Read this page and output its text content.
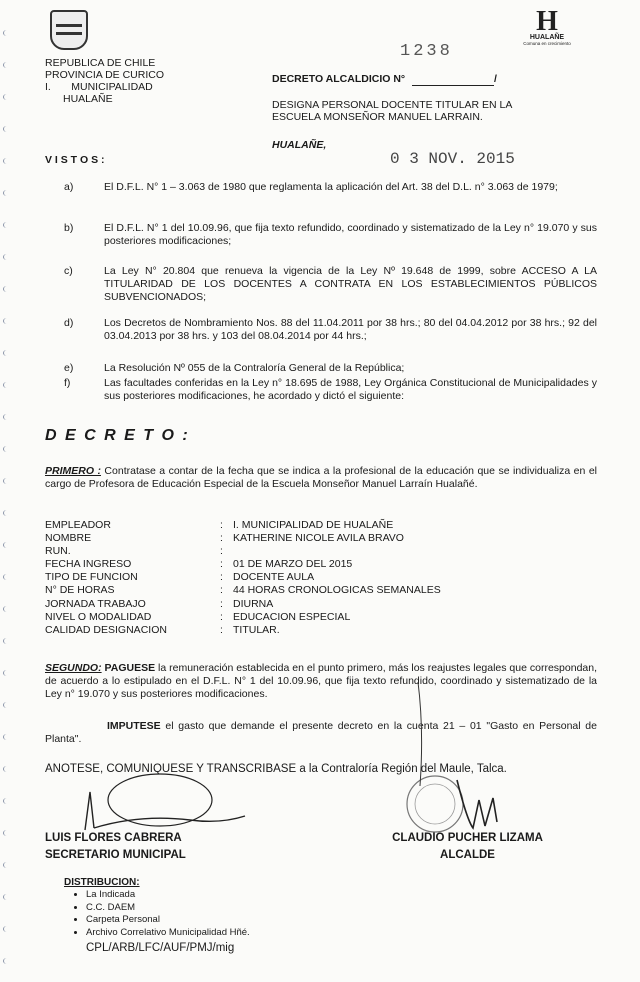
REPUBLICA DE CHILE
PROVINCIA DE CURICO
I.       MUNICIPALIDAD
HUALAÑE
H
HUALAÑE
Comuna en crecimiento
1238
DECRETO ALCALDICIO N°	/
DESIGNA PERSONAL DOCENTE TITULAR EN LA ESCUELA MONSEÑOR MANUEL LARRAIN.
HUALAÑE,
0 3 NOV. 2015
V I S T O S :
a)	El D.F.L. N° 1 – 3.063 de 1980 que reglamenta la aplicación del Art. 38 del D.L. n° 3.063 de 1979;
b)	El D.F.L. N° 1 del 10.09.96, que fija texto refundido, coordinado y sistematizado de la Ley n° 19.070 y sus posteriores modificaciones;
c)	La Ley N° 20.804 que renueva la vigencia de la Ley Nº 19.648 de 1999, sobre ACCESO A LA TITULARIDAD DE LOS DOCENTES A CONTRATA EN LOS ESTABLECIMIENTOS PÚBLICOS SUBVENCIONADOS;
d)	Los Decretos de Nombramiento Nos. 88 del 11.04.2011 por 38 hrs.; 80 del 04.04.2012 por 38 hrs.; 92 del 03.04.2013 por 38 hrs. y 103 del 08.04.2014 por 44 hrs.;
e)	La Resolución Nº 055 de la Contraloría General de la República;
f)	Las facultades conferidas en la Ley n° 18.695 de 1988, Ley Orgánica Constitucional de Municipalidades y sus posteriores modificaciones, he acordado y dictó el siguiente:
D E C R E T O :
PRIMERO : Contratase a contar de la fecha que se indica a la profesional de la educación que se individualiza en el cargo de Profesora de Educación Especial de la Escuela Monseñor Manuel Larraín Hualañé.
EMPLEADOR	: I. MUNICIPALIDAD DE HUALAÑE
NOMBRE	: KATHERINE NICOLE AVILA BRAVO
RUN.	:
FECHA INGRESO	: 01 DE MARZO DEL 2015
TIPO DE FUNCION	: DOCENTE AULA
N° DE HORAS	: 44 HORAS CRONOLOGICAS SEMANALES
JORNADA TRABAJO	: DIURNA
NIVEL O MODALIDAD	: EDUCACION ESPECIAL
CALIDAD DESIGNACION	: TITULAR.
SEGUNDO: PAGUESE la remuneración establecida en el punto primero, más los reajustes legales que correspondan, de acuerdo a lo estipulado en el D.F.L. N° 1 del 10.09.96, que fija texto refundido, coordinado y sistematizado de la Ley n° 19.070 y sus posteriores modificaciones.
IMPUTESE el gasto que demande el presente decreto en la cuenta 21 – 01 "Gasto en Personal de Planta".
ANOTESE, COMUNIQUESE Y TRANSCRIBASE a la Contraloría Región del Maule, Talca.
LUIS FLORES CABRERA
SECRETARIO MUNICIPAL
CLAUDIO PUCHER LIZAMA
ALCALDE
DISTRIBUCION:
• La Indicada
• C.C. DAEM
• Carpeta Personal
• Archivo Correlativo Municipalidad Hñé.
CPL/ARB/LFC/AUF/PMJ/mig
